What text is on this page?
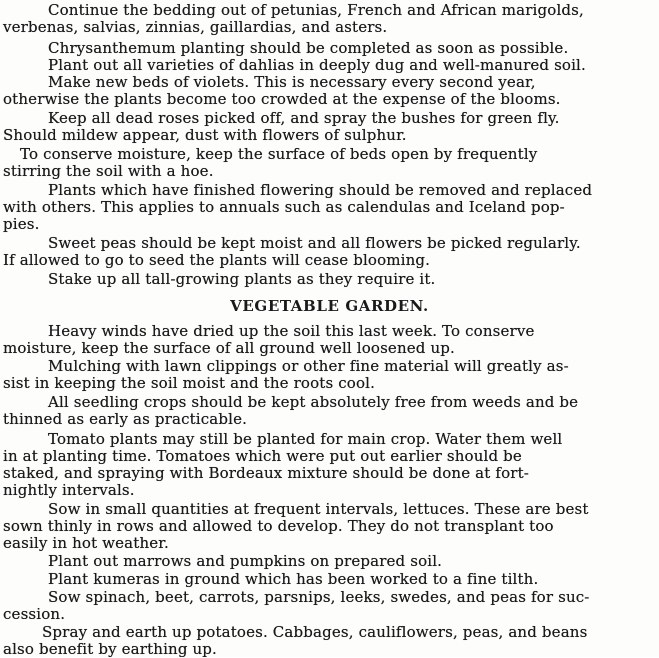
Continue the bedding out of petunias, French and African marigolds,
verbenas, salvias, zinnias, gaillardias, and asters.
Chrysanthemum planting should be completed as soon as possible.
Plant out all varieties of dahlias in deeply dug and well-manured soil.
Make new beds of violets. This is necessary every second year,
otherwise the plants become too crowded at the expense of the blooms.
Keep all dead roses picked off, and spray the bushes for green fly.
Should mildew appear, dust with flowers of sulphur.
To conserve moisture, keep the surface of beds open by frequently
stirring the soil with a hoe.
Plants which have finished flowering should be removed and replaced
with others. This applies to annuals such as calendulas and Iceland pop-
pies.
Sweet peas should be kept moist and all flowers be picked regularly.
If allowed to go to seed the plants will cease blooming.
Stake up all tall-growing plants as they require it.
VEGETABLE GARDEN.
Heavy winds have dried up the soil this last week. To conserve
moisture, keep the surface of all ground well loosened up.
Mulching with lawn clippings or other fine material will greatly as-
sist in keeping the soil moist and the roots cool.
All seedling crops should be kept absolutely free from weeds and be
thinned as early as practicable.
Tomato plants may still be planted for main crop. Water them well
in at planting time. Tomatoes which were put out earlier should be
staked, and spraying with Bordeaux mixture should be done at fort-
nightly intervals.
Sow in small quantities at frequent intervals, lettuces. These are best
sown thinly in rows and allowed to develop. They do not transplant too
easily in hot weather.
Plant out marrows and pumpkins on prepared soil.
Plant kumeras in ground which has been worked to a fine tilth.
Sow spinach, beet, carrots, parsnips, leeks, swedes, and peas for suc-
cession.
Spray and earth up potatoes. Cabbages, cauliflowers, peas, and beans
also benefit by earthing up.
